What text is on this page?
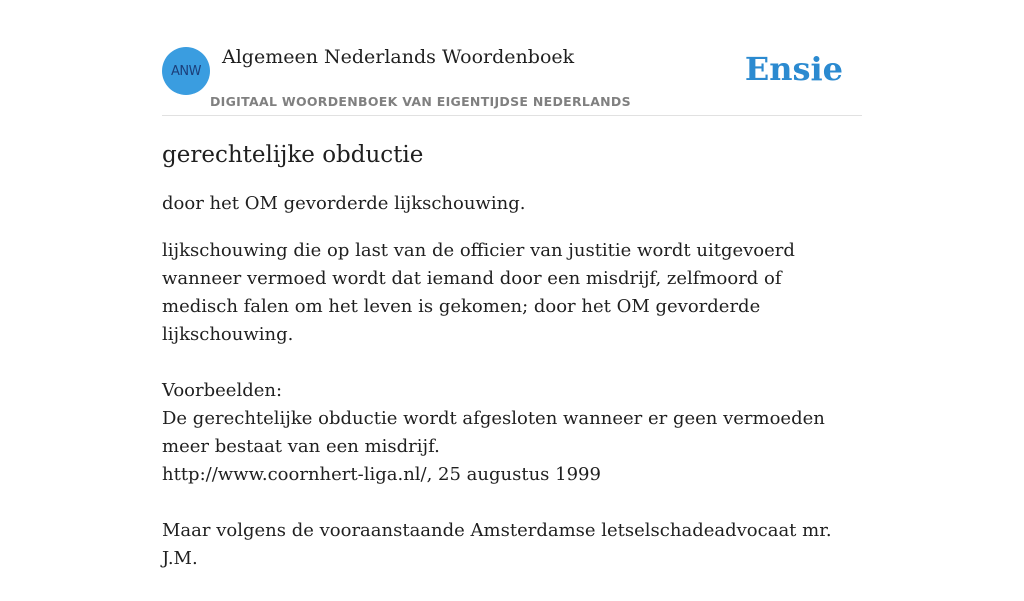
ANW
Algemeen Nederlands Woordenboek
DIGITAAL WOORDENBOEK VAN EIGENTIJDSE NEDERLANDS
Ensie
gerechtelijke obductie

door het OM gevorderde lijkschouwing.

lijkschouwing die op last van de officier van justitie wordt uitgevoerd wanneer vermoed wordt dat iemand door een misdrijf, zelfmoord of medisch falen om het leven is gekomen; door het OM gevorderde lijkschouwing.

Voorbeelden:
De gerechtelijke obductie wordt afgesloten wanneer er geen vermoeden meer bestaat van een misdrijf.
http://www.coornhert-liga.nl/, 25 augustus 1999
Maar volgens de vooraanstaande Amsterdamse letselschadeadvocaat mr. J.M.
